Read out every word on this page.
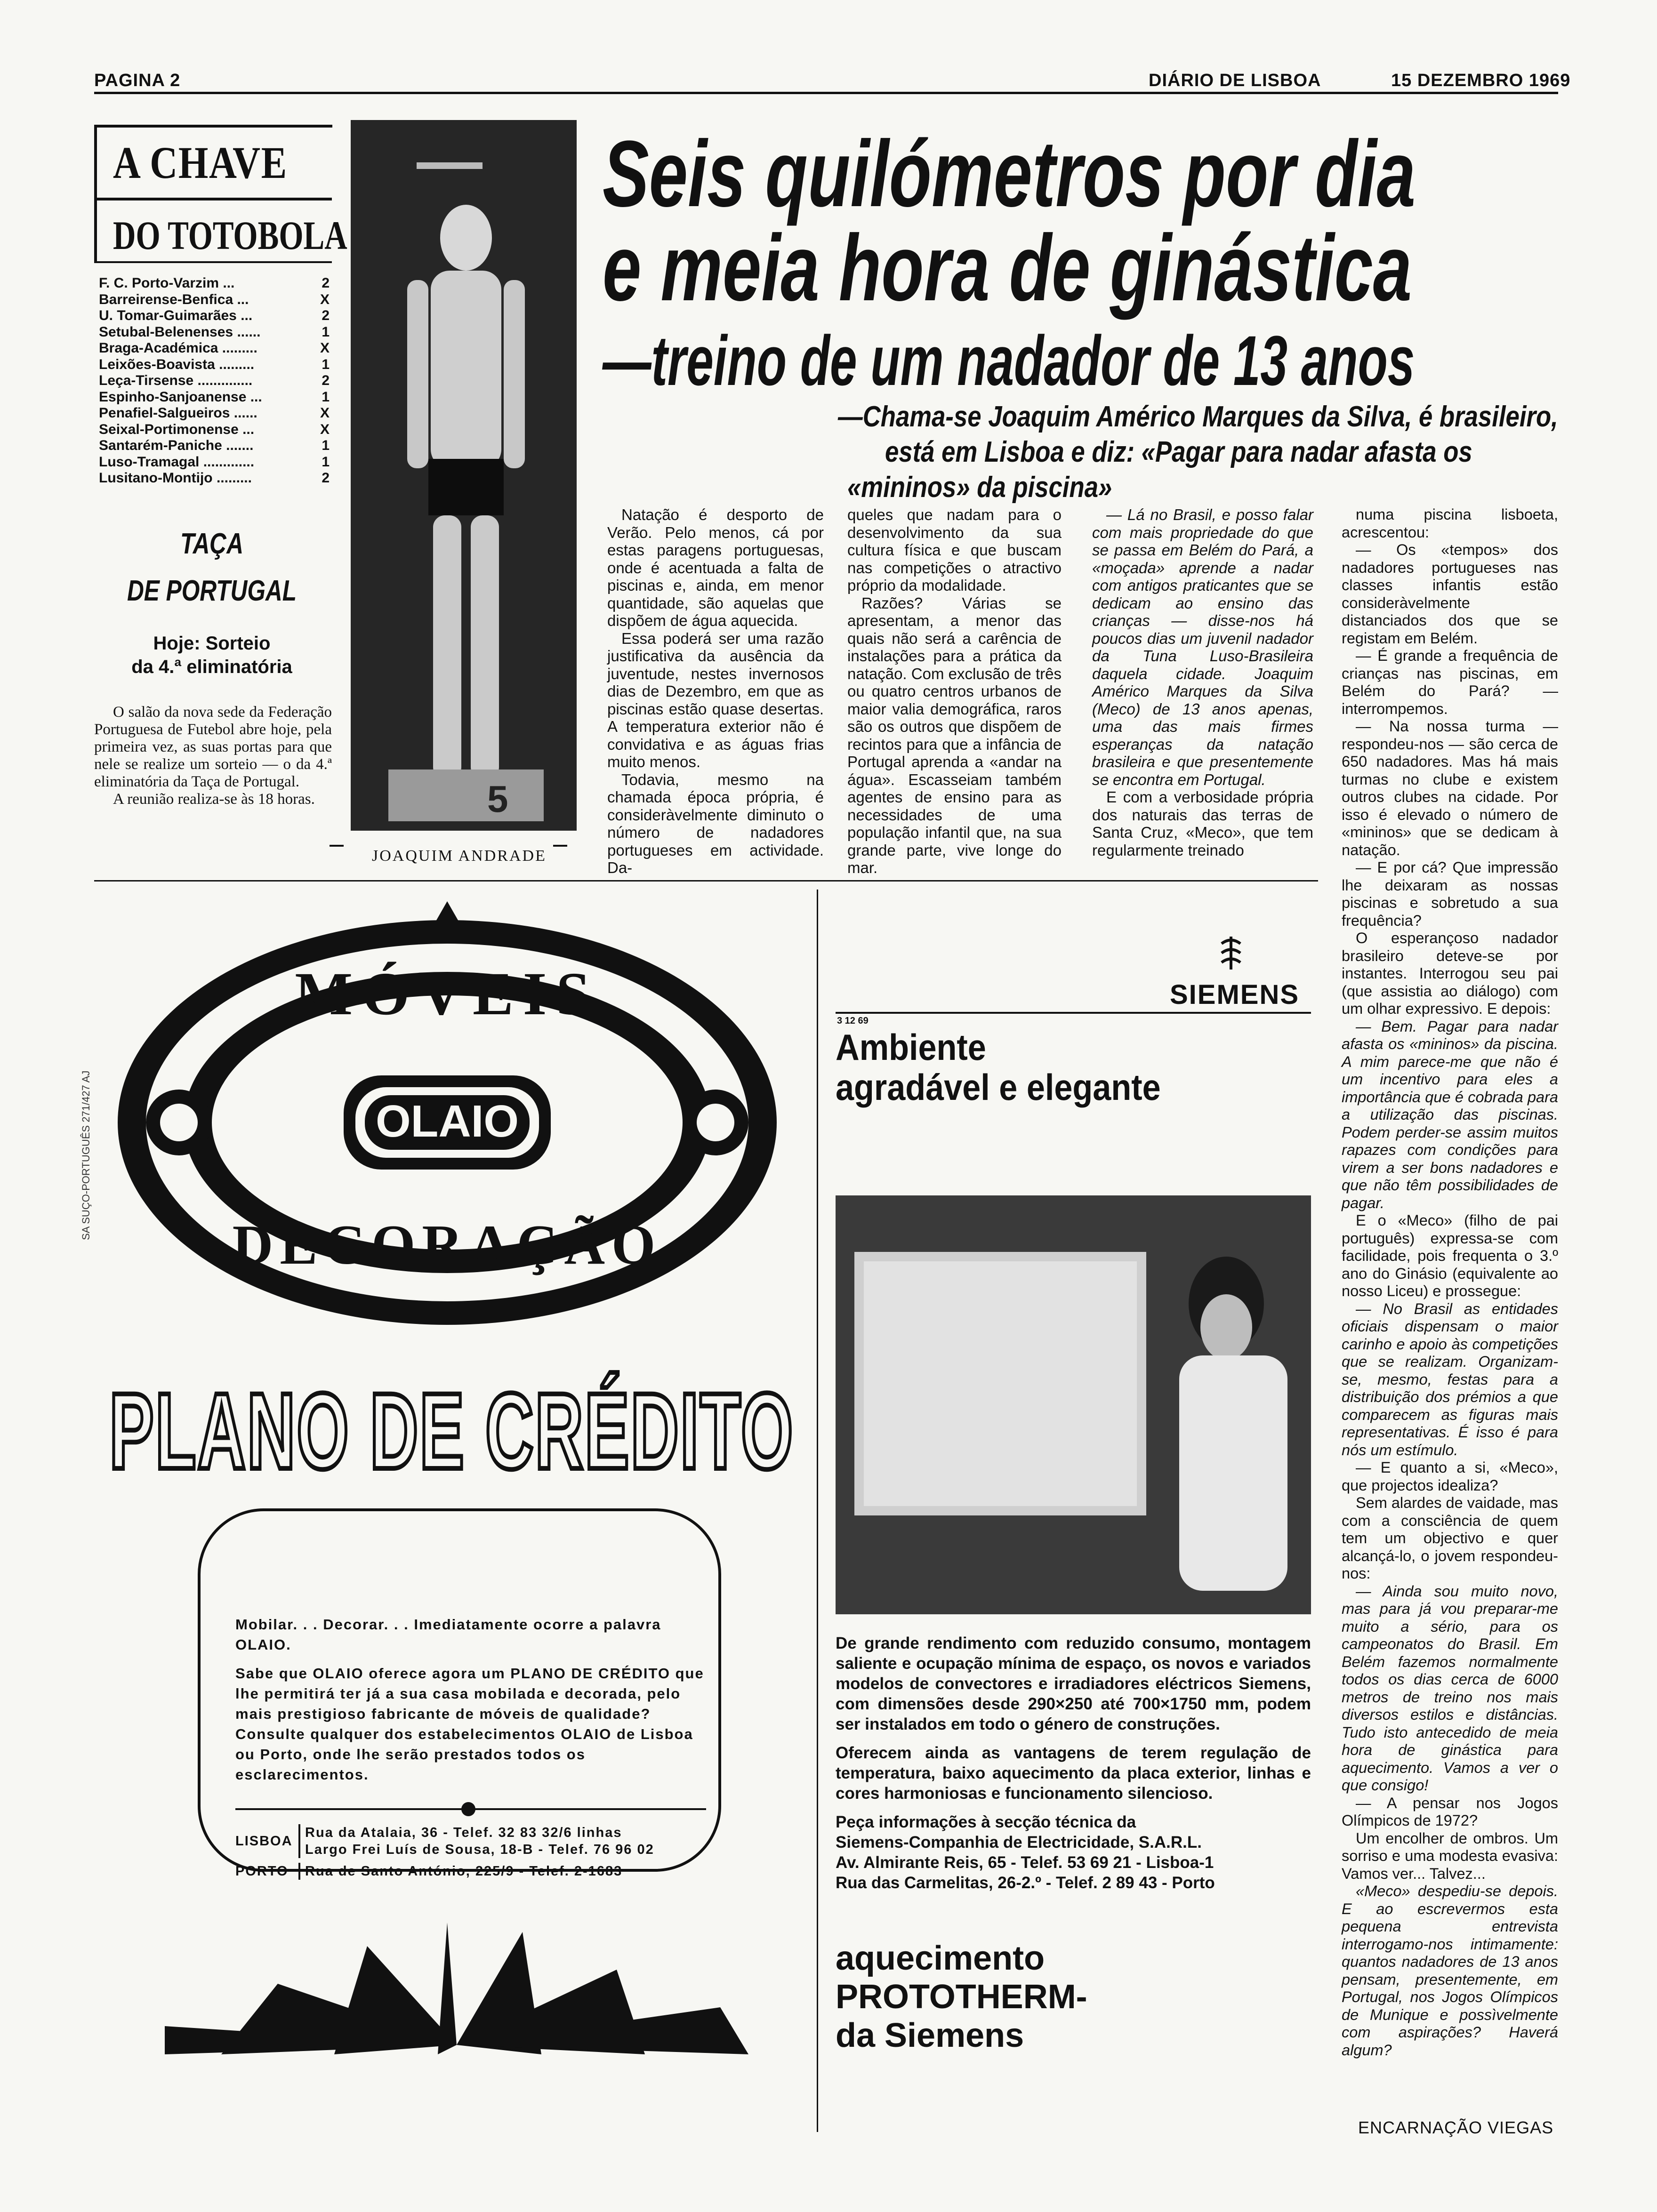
PAGINA 2	DIÁRIO DE LISBOA	15 DEZEMBRO 1969
A CHAVE
DO TOTOBOLA
F. C. Porto-Varzim ...	2
Barreirense-Benfica ...	X
U. Tomar-Guimarães ...	2
Setubal-Belenenses ......	1
Braga-Académica .........	X
Leixões-Boavista .........	1
Leça-Tirsense ..............	2
Espinho-Sanjoanense ...	1
Penafiel-Salgueiros ......	X
Seixal-Portimonense ...	X
Santarém-Paniche .......	1
Luso-Tramagal .............	1
Lusitano-Montijo .........	2
TAÇA
DE PORTUGAL
Hoje: Sorteio
da 4.ª eliminatória
O salão da nova sede da Federação Portuguesa de Futebol abre hoje, pela primeira vez, as suas portas para que nele se realize um sorteio — o da 4.ª eliminatória da Taça de Portugal.
A reunião realiza-se às 18 horas.	5
JOAQUIM ANDRADE
Seis quilómetros por dia
e meia hora de ginástica
—treino de um nadador de 13 anos
—Chama-se Joaquim Américo Marques da Silva, é brasileiro,
está em Lisboa e diz: «Pagar para nadar afasta os
«mininos» da piscina»

Natação é desporto de Verão. Pelo menos, cá por estas paragens portuguesas, onde é acentuada a falta de piscinas e, ainda, em menor quantidade, são aquelas que dispõem de água aquecida.

Essa poderá ser uma razão justificativa da ausência da juventude, nestes invernosos dias de Dezembro, em que as piscinas estão quase desertas. A temperatura exterior não é convidativa e as águas frias muito menos.

Todavia, mesmo na chamada época própria, é consideràvelmente diminuto o número de nadadores portugueses em actividade. Da-

queles que nadam para o desenvolvimento da sua cultura física e que buscam nas competições o atractivo próprio da modalidade.

Razões? Várias se apresentam, a menor das quais não será a carência de instalações para a prática da natação. Com exclusão de três ou quatro centros urbanos de maior valia demográfica, raros são os outros que dispõem de recintos para que a infância de Portugal aprenda a «andar na água». Escasseiam também agentes de ensino para as necessidades de uma população infantil que, na sua grande parte, vive longe do mar.

— Lá no Brasil, e posso falar com mais propriedade do que se passa em Belém do Pará, a «moçada» aprende a nadar com antigos praticantes que se dedicam ao ensino das crianças — disse-nos há poucos dias um juvenil nadador da Tuna Luso-Brasileira daquela cidade. Joaquim Américo Marques da Silva (Meco) de 13 anos apenas, uma das mais firmes esperanças da natação brasileira e que presentemente se encontra em Portugal.

E com a verbosidade própria dos naturais das terras de Santa Cruz, «Meco», que tem regularmente treinado

numa piscina lisboeta, acrescentou:

— Os «tempos» dos nadadores portugueses nas classes infantis estão consideràvelmente distanciados dos que se registam em Belém.

— É grande a frequência de crianças nas piscinas, em Belém do Pará? — interrompemos.

— Na nossa turma — respondeu-nos — são cerca de 650 nadadores. Mas há mais turmas no clube e existem outros clubes na cidade. Por isso é elevado o número de «mininos» que se dedicam à natação.

— E por cá? Que impressão lhe deixaram as nossas piscinas e sobretudo a sua frequência?

O esperançoso nadador brasileiro deteve-se por instantes. Interrogou seu pai (que assistia ao diálogo) com um olhar expressivo. E depois:

— Bem. Pagar para nadar afasta os «mininos» da piscina. A mim parece-me que não é um incentivo para eles a importância que é cobrada para a utilização das piscinas. Podem perder-se assim muitos rapazes com condições para virem a ser bons nadadores e que não têm possibilidades de pagar.

E o «Meco» (filho de pai português) expressa-se com facilidade, pois frequenta o 3.º ano do Ginásio (equivalente ao nosso Liceu) e prossegue:

— No Brasil as entidades oficiais dispensam o maior carinho e apoio às competições que se realizam. Organizam-se, mesmo, festas para a distribuição dos prémios a que comparecem as figuras mais representativas. É isso é para nós um estímulo.

— E quanto a si, «Meco», que projectos idealiza?

Sem alardes de vaidade, mas com a consciência de quem tem um objectivo e quer alcançá-lo, o jovem respondeu-nos:

— Ainda sou muito novo, mas para já vou preparar-me muito a sério, para os campeonatos do Brasil. Em Belém fazemos normalmente todos os dias cerca de 6000 metros de treino nos mais diversos estilos e distâncias. Tudo isto antecedido de meia hora de ginástica para aquecimento. Vamos a ver o que consigo!

— A pensar nos Jogos Olímpicos de 1972?

Um encolher de ombros. Um sorriso e uma modesta evasiva: Vamos ver... Talvez...

«Meco» despediu-se depois. E ao escrevermos esta pequena entrevista interrogamo-nos intimamente: quantos nadadores de 13 anos pensam, presentemente, em Portugal, nos Jogos Olímpicos de Munique e possìvelmente com aspirações? Haverá algum?

ENCARNAÇÃO VIEGAS
OLAIO
MÓVEIS
DECORAÇÃO
PLANO DE CRÉDITO
SA SUÇO-PORTUGUÊS 271/427 AJ

Mobilar. . . Decorar. . . Imediatamente ocorre a palavra OLAIO.

Sabe que OLAIO oferece agora um PLANO DE CRÉDITO que lhe permitirá ter já a sua casa mobilada e decorada, pelo mais prestigioso fabricante de móveis de qualidade? Consulte qualquer dos estabelecimentos OLAIO de Lisboa ou Porto, onde lhe serão prestados todos os esclarecimentos.

LISBOA
Rua da Atalaia, 36 - Telef. 32 83 32/6 linhas
Largo Frei Luís de Sousa, 18-B - Telef. 76 96 02
PORTO	Rua de Santo António, 225/9 - Telef. 2-1683
SIEMENS
3 12 69
Ambiente
agradável e elegante

De grande rendimento com reduzido consumo, montagem saliente e ocupação mínima de espaço, os novos e variados modelos de convectores e irradiadores eléctricos Siemens, com dimensões desde 290×250 até 700×1750 mm, podem ser instalados em todo o género de construções.

Oferecem ainda as vantagens de terem regulação de temperatura, baixo aquecimento da placa exterior, linhas e cores harmoniosas e funcionamento silencioso.

Peça informações à secção técnica da
Siemens-Companhia de Electricidade, S.A.R.L.
Av. Almirante Reis, 65 - Telef. 53 69 21 - Lisboa-1
Rua das Carmelitas, 26-2.º - Telef. 2 89 43 - Porto
aquecimento
PROTOTHERM-
da Siemens
